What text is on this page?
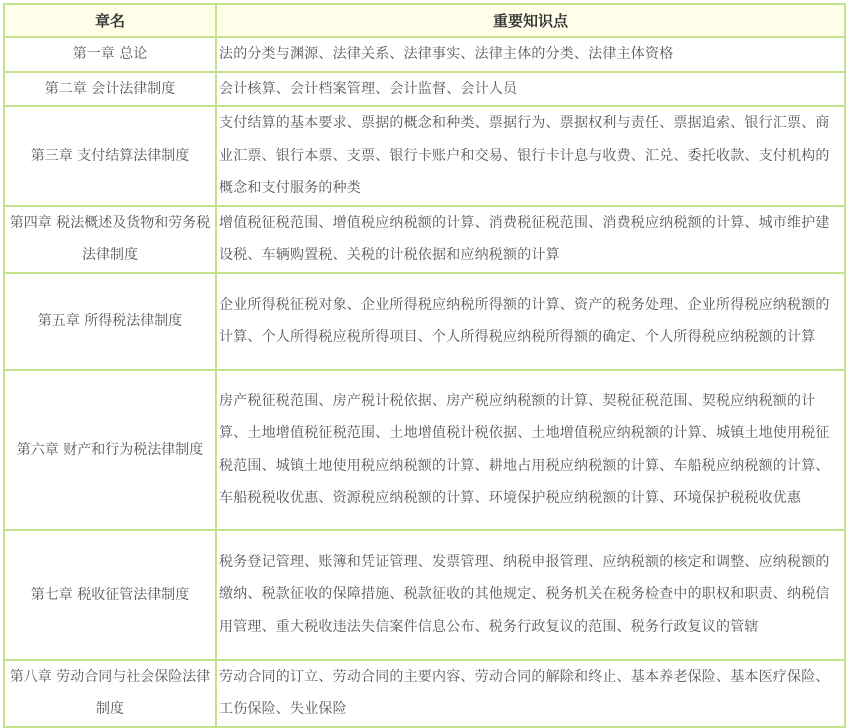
章名	重要知识点
第一章 总论	法的分类与渊源、法律关系、法律事实、法律主体的分类、法律主体资格
第二章 会计法律制度	会计核算、会计档案管理、会计监督、会计人员
第三章 支付结算法律制度	支付结算的基本要求、票据的概念和种类、票据行为、票据权利与责任、票据追索、银行汇票、商业汇票、银行本票、支票、银行卡账户和交易、银行卡计息与收费、汇兑、委托收款、支付机构的概念和支付服务的种类
第四章 税法概述及货物和劳务税法律制度	增值税征税范围、增值税应纳税额的计算、消费税征税范围、消费税应纳税额的计算、城市维护建设税、车辆购置税、关税的计税依据和应纳税额的计算
第五章 所得税法律制度	企业所得税征税对象、企业所得税应纳税所得额的计算、资产的税务处理、企业所得税应纳税额的计算、个人所得税应税所得项目、个人所得税应纳税所得额的确定、个人所得税应纳税额的计算
第六章 财产和行为税法律制度	房产税征税范围、房产税计税依据、房产税应纳税额的计算、契税征税范围、契税应纳税额的计算、土地增值税征税范围、土地增值税计税依据、土地增值税应纳税额的计算、城镇土地使用税征税范围、城镇土地使用税应纳税额的计算、耕地占用税应纳税额的计算、车船税应纳税额的计算、车船税税收优惠、资源税应纳税额的计算、环境保护税应纳税额的计算、环境保护税税收优惠
第七章 税收征管法律制度	税务登记管理、账簿和凭证管理、发票管理、纳税申报管理、应纳税额的核定和调整、应纳税额的缴纳、税款征收的保障措施、税款征收的其他规定、税务机关在税务检查中的职权和职责、纳税信用管理、重大税收违法失信案件信息公布、税务行政复议的范围、税务行政复议的管辖
第八章 劳动合同与社会保险法律制度	劳动合同的订立、劳动合同的主要内容、劳动合同的解除和终止、基本养老保险、基本医疗保险、工伤保险、失业保险
